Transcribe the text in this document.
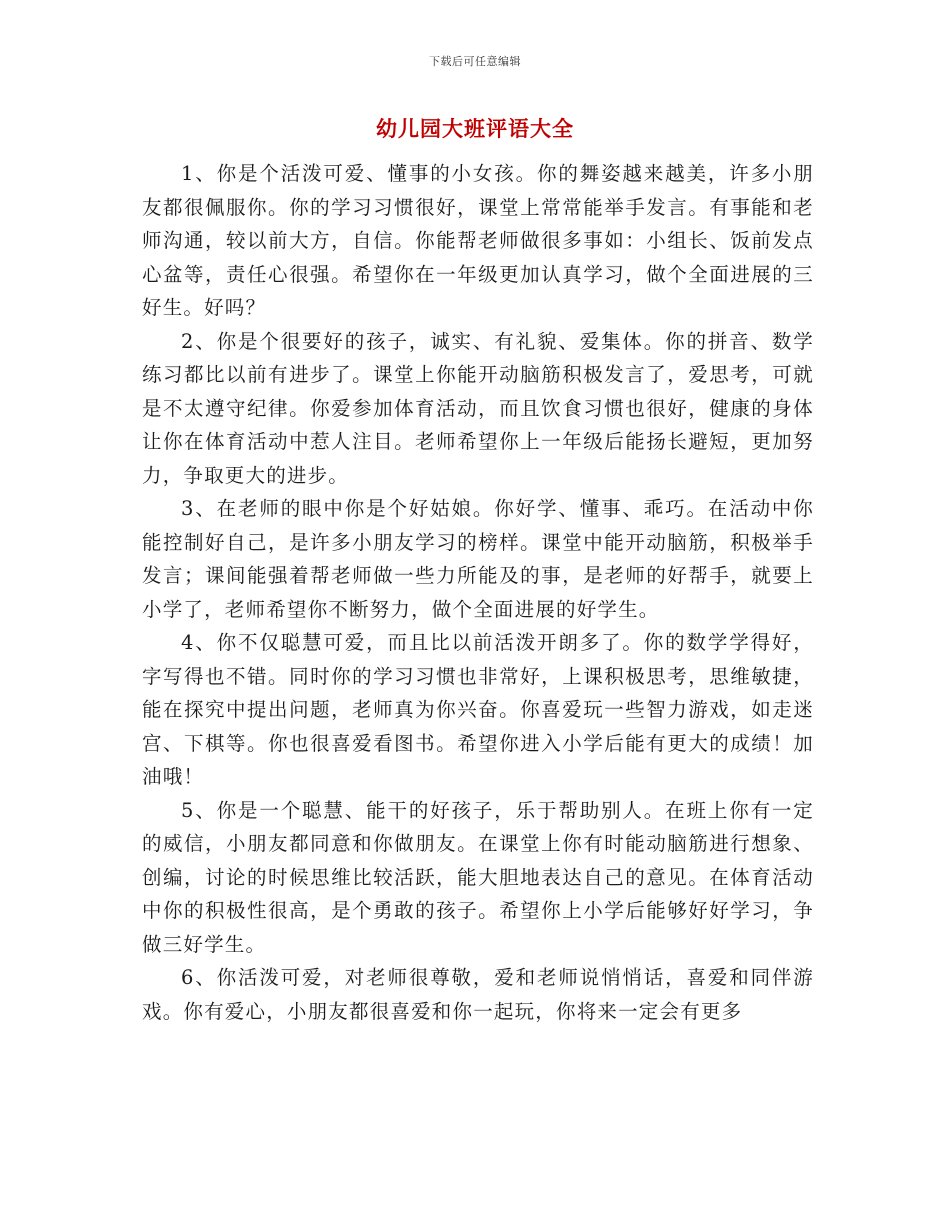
下载后可任意编辑
幼儿园大班评语大全

1、你是个活泼可爱、懂事的小女孩。你的舞姿越来越美，许多小朋友都很佩服你。你的学习习惯很好，课堂上常常能举手发言。有事能和老师沟通，较以前大方，自信。你能帮老师做很多事如：小组长、饭前发点心盆等，责任心很强。希望你在一年级更加认真学习，做个全面进展的三好生。好吗？

2、你是个很要好的孩子，诚实、有礼貌、爱集体。你的拼音、数学练习都比以前有进步了。课堂上你能开动脑筋积极发言了，爱思考，可就是不太遵守纪律。你爱参加体育活动，而且饮食习惯也很好，健康的身体让你在体育活动中惹人注目。老师希望你上一年级后能扬长避短，更加努力，争取更大的进步。

3、在老师的眼中你是个好姑娘。你好学、懂事、乖巧。在活动中你能控制好自己，是许多小朋友学习的榜样。课堂中能开动脑筋，积极举手发言；课间能强着帮老师做一些力所能及的事，是老师的好帮手，就要上小学了，老师希望你不断努力，做个全面进展的好学生。

4、你不仅聪慧可爱，而且比以前活泼开朗多了。你的数学学得好，字写得也不错。同时你的学习习惯也非常好，上课积极思考，思维敏捷，能在探究中提出问题，老师真为你兴奋。你喜爱玩一些智力游戏，如走迷宫、下棋等。你也很喜爱看图书。希望你进入小学后能有更大的成绩！加油哦！

5、你是一个聪慧、能干的好孩子，乐于帮助别人。在班上你有一定的威信，小朋友都同意和你做朋友。在课堂上你有时能动脑筋进行想象、创编，讨论的时候思维比较活跃，能大胆地表达自己的意见。在体育活动中你的积极性很高，是个勇敢的孩子。希望你上小学后能够好好学习，争做三好学生。

6、你活泼可爱，对老师很尊敬，爱和老师说悄悄话，喜爱和同伴游戏。你有爱心，小朋友都很喜爱和你一起玩，你将来一定会有更多
